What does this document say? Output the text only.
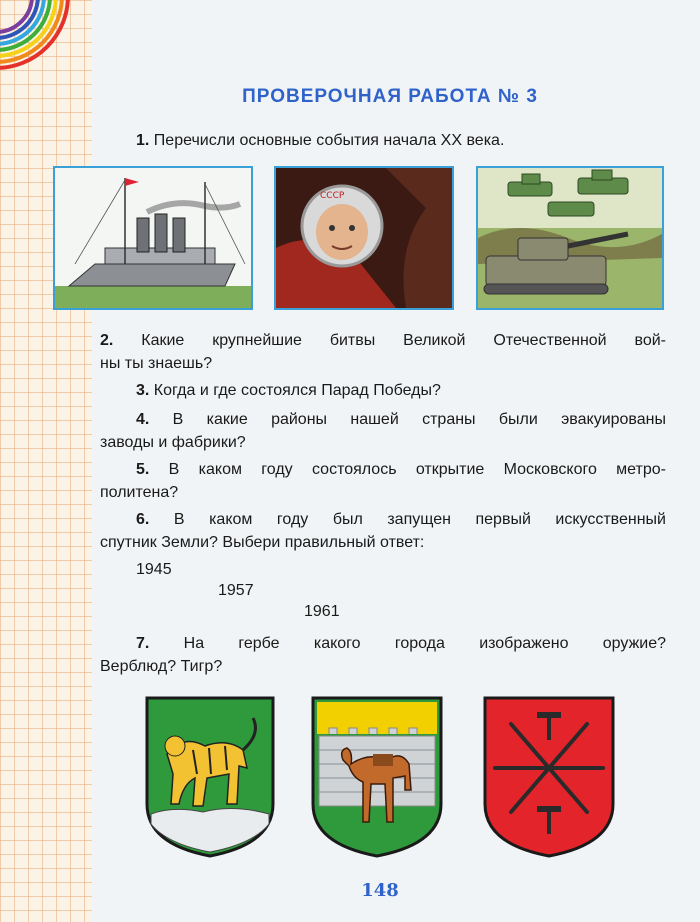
ПРОВЕРОЧНАЯ РАБОТА № 3
1. Перечисли основные события начала XX века.
СССР
2. Какие крупнейшие битвы Великой Отечественной вой-
ны ты знаешь?
3. Когда и где состоялся Парад Победы?
4. В какие районы нашей страны были эвакуированы
заводы и фабрики?
5. В каком году состоялось открытие Московского метро-
политена?
6. В каком году был запущен первый искусственный
спутник Земли? Выбери правильный ответ:
1945
1957
1961
7. На гербе какого города изображено оружие?
Верблюд? Тигр?
148
